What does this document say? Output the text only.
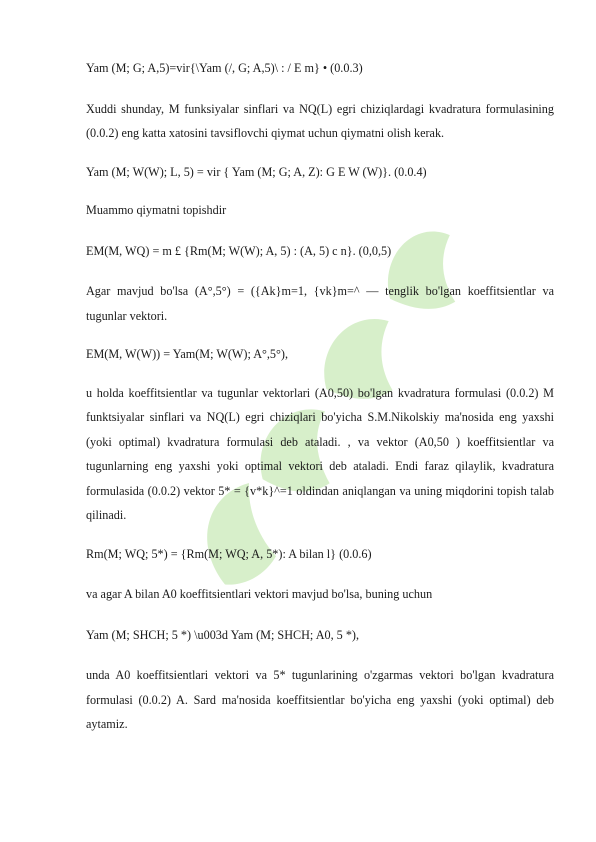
Yam (M; G; A,5)=vir{\Yam (/, G; A,5)\ : / E m} • (0.0.3)

Xuddi shunday, M funksiyalar sinflari va NQ(L) egri chiziqlardagi kvadratura formulasining (0.0.2) eng katta xatosini tavsiflovchi qiymat uchun qiymatni olish kerak.

Yam (M; W(W); L, 5) = vir { Yam (M; G; A, Z): G E W (W)}. (0.0.4)
Muammo qiymatni topishdir
EM(M, WQ) = m £ {Rm(M; W(W); A, 5) : (A, 5) c n}. (0,0,5)

Agar mavjud bo'lsa (A°,5°) = ({Ak}m=1, {vk}m=^ — tenglik bo'lgan koeffitsientlar va tugunlar vektori.

EM(M, W(W)) = Yam(M; W(W); A°,5°),

u holda koeffitsientlar va tugunlar vektorlari (A0,50) bo'lgan kvadratura formulasi (0.0.2) M funktsiyalar sinflari va NQ(L) egri chiziqlari bo'yicha S.M.Nikolskiy ma'nosida eng yaxshi (yoki optimal) kvadratura formulasi deb ataladi. , va vektor (A0,50 ) koeffitsientlar va tugunlarning eng yaxshi yoki optimal vektori deb ataladi. Endi faraz qilaylik, kvadratura formulasida (0.0.2) vektor 5* = {v*k}^=1 oldindan aniqlangan va uning miqdorini topish talab qilinadi.

Rm(M; WQ; 5*) = {Rm(M; WQ; A, 5*): A bilan l} (0.0.6)
va agar A bilan A0 koeffitsientlari vektori mavjud bo'lsa, buning uchun
Yam (M; SHCH; 5 *) \u003d Yam (M; SHCH; A0, 5 *),

unda A0 koeffitsientlari vektori va 5* tugunlarining o'zgarmas vektori bo'lgan kvadratura formulasi (0.0.2) A. Sard ma'nosida koeffitsientlar bo'yicha eng yaxshi (yoki optimal) deb aytamiz.
